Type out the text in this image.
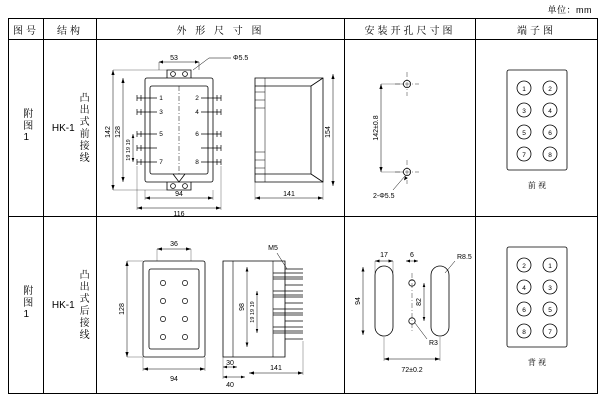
单位：mm
图号	结构	外 形 尺 寸 图	安装开孔尺寸图	端子图
附图1	HK-1 凸出式前接线

53	Φ5.5
142 128
19 19 19
94
116
154
141
1	2
3	4
5	6
7	8

142±0.8
2-Φ5.5

1	2
3	4
5	6
7	8
前 视

附图1	HK-1 凸出式后接线

36
128
94
M5
98 19 19 19
30
40
141

17	6	R8.5
94	82
R3
72±0.2

2	1
4	3
6	5
8	7
背 视
